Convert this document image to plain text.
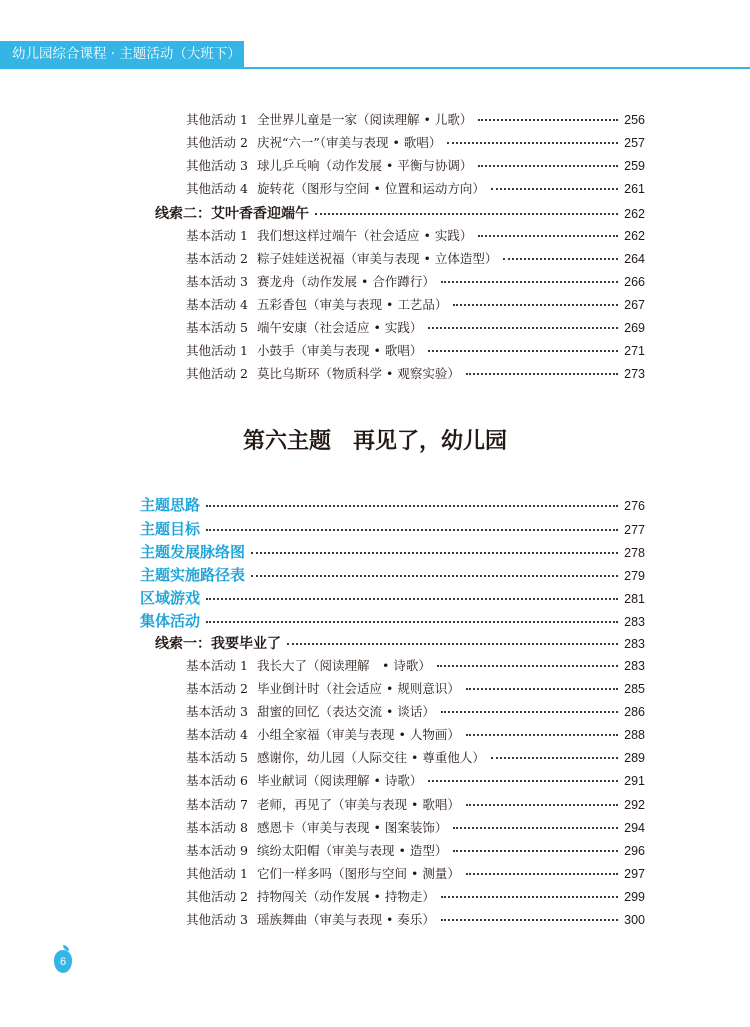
幼儿园综合课程 · 主题活动（大班下）
其他活动 1 全世界儿童是一家（阅读理解 • 儿歌）	256
其他活动 2 庆祝“六一”（审美与表现 • 歌唱）	257
其他活动 3 球儿乒乓响（动作发展 • 平衡与协调）	259
其他活动 4 旋转花（图形与空间 • 位置和运动方向）	261
线索二：艾叶香香迎端午	262
基本活动 1 我们想这样过端午（社会适应 • 实践）	262
基本活动 2 粽子娃娃送祝福（审美与表现 • 立体造型）	264
基本活动 3 赛龙舟（动作发展 • 合作蹲行）	266
基本活动 4 五彩香包（审美与表现 • 工艺品）	267
基本活动 5 端午安康（社会适应 • 实践）	269
其他活动 1 小鼓手（审美与表现 • 歌唱）	271
其他活动 2 莫比乌斯环（物质科学 • 观察实验）	273
第六主题　再见了，幼儿园
主题思路	276
主题目标	277
主题发展脉络图	278
主题实施路径表	279
区域游戏	281
集体活动	283
线索一：我要毕业了	283
基本活动 1 我长大了（阅读理解　• 诗歌）	283
基本活动 2 毕业倒计时（社会适应 • 规则意识）	285
基本活动 3 甜蜜的回忆（表达交流 • 谈话）	286
基本活动 4 小组全家福（审美与表现 • 人物画）	288
基本活动 5 感谢你，幼儿园（人际交往 • 尊重他人）	289
基本活动 6 毕业献词（阅读理解 • 诗歌）	291
基本活动 7 老师，再见了（审美与表现 • 歌唱）	292
基本活动 8 感恩卡（审美与表现 • 图案装饰）	294
基本活动 9 缤纷太阳帽（审美与表现 • 造型）	296
其他活动 1 它们一样多吗（图形与空间 • 测量）	297
其他活动 2 持物闯关（动作发展 • 持物走）	299
其他活动 3 瑶族舞曲（审美与表现 • 奏乐）	300
6
